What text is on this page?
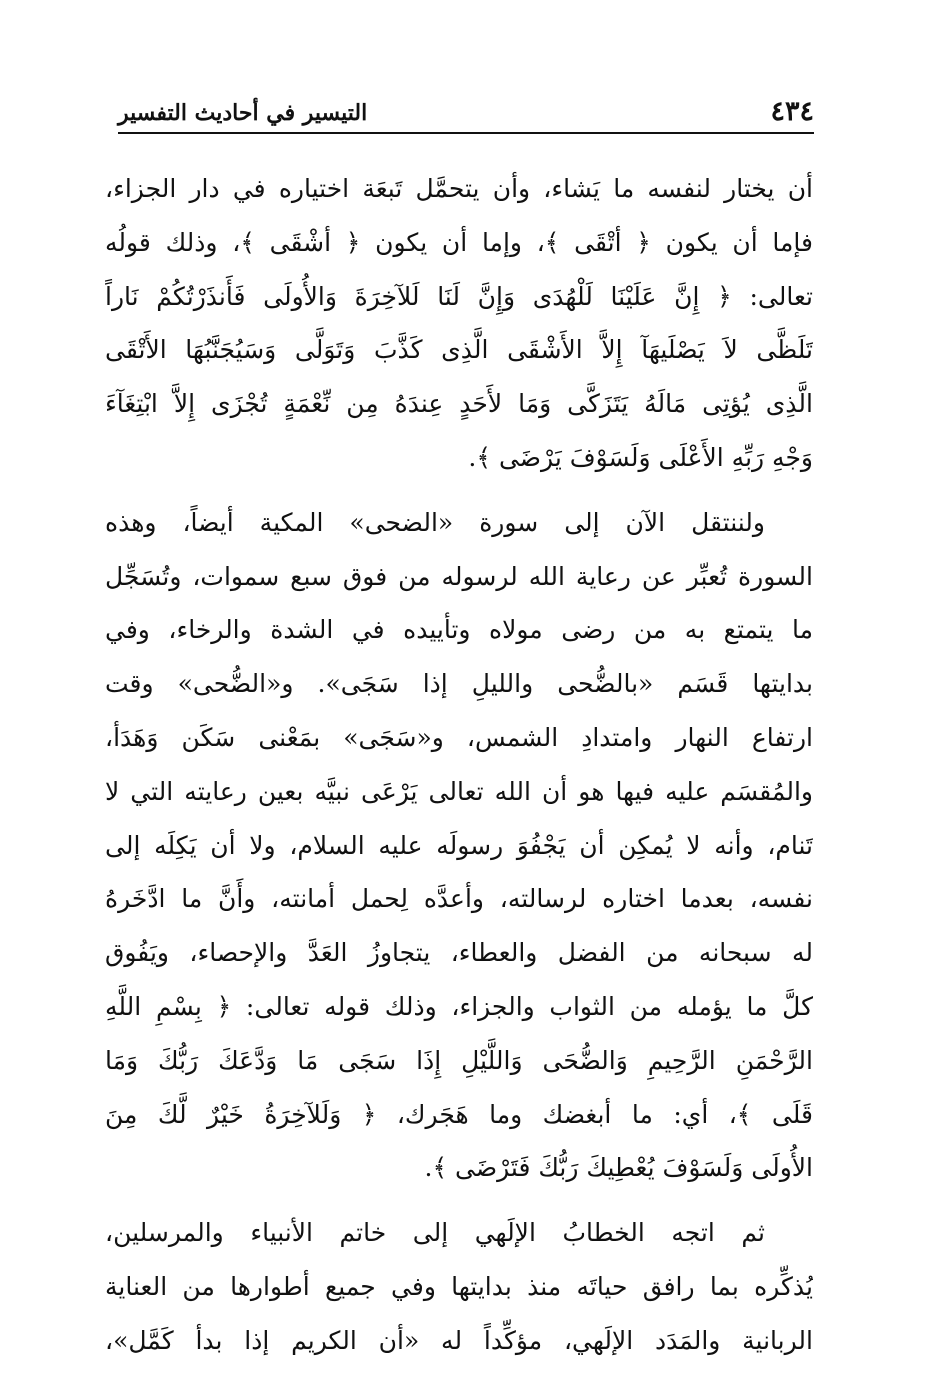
٤٣٤
التيسير في أحاديث التفسير

أن يختار لنفسه ما يَشاء، وأن يتحمَّل تَبعَة اختياره في دار الجزاء،
فإما أن يكون ﴿ أتْقَى ﴾، وإما أن يكون ﴿ أشْقَى ﴾، وذلك قولُه
تعالى: ﴿ إِنَّ عَلَيْنَا لَلْهُدَى وَإِنَّ لَنَا لَلآخِرَةَ وَالأُولَى فَأَنذَرْتُكُمْ نَاراً
تَلَظَّى لاَ يَصْلَيهَآ إِلاَّ الأَشْقَى الَّذِى كَذَّبَ وَتَوَلَّى وَسَيُجَنَّبُهَا الأَتْقَى
الَّذِى يُؤتِى مَالَهُ يَتَزَكَّى وَمَا لأَحَدٍ عِندَهُ مِن نِّعْمَةٍ تُجْزَى إِلاَّ ابْتِغَآءَ
وَجْهِ رَبِّهِ الأَعْلَى وَلَسَوْفَ يَرْضَى ﴾.

ولننتقل الآن إلى سورة «الضحى» المكية أيضاً، وهذه
السورة تُعبِّر عن رعاية الله لرسوله من فوق سبع سموات، وتُسَجِّل
ما يتمتع به من رضى مولاه وتأييده في الشدة والرخاء، وفي
بدايتها قَسَم «بالضُّحى والليلِ إذا سَجَى». و«الضُّحى» وقت
ارتفاع النهار وامتدادِ الشمس، و«سَجَى» بمَعْنى سَكَن وَهَدَأ،
والمُقسَم عليه فيها هو أن الله تعالى يَرْعَى نبيَّه بعين رعايته التي لا
تَنام، وأنه لا يُمكِن أن يَجْفُوَ رسولَه عليه السلام، ولا أن يَكِلَه إلى
نفسه، بعدما اختاره لرسالته، وأعدَّه لِحمل أمانته، وأَنَّ ما ادَّخَرهُ
له سبحانه من الفضل والعطاء، يتجاوزُ العَدَّ والإحصاء، ويَفُوق
كلَّ ما يؤمله من الثواب والجزاء، وذلك قوله تعالى: ﴿ بِسْمِ اللَّهِ
الرَّحْمَنِ الرَّحِيمِ وَالضُّحَى وَاللَّيْلِ إِذَا سَجَى مَا وَدَّعَكَ رَبُّكَ وَمَا
قَلَى ﴾، أي: ما أبغضك وما هَجَرك، ﴿ وَلَلآخِرَةُ خَيْرٌ لَّكَ مِنَ
الأُولَى وَلَسَوْفَ يُعْطِيكَ رَبُّكَ فَتَرْضَى ﴾.

ثم اتجه الخطابُ الإلَهي إلى خاتم الأنبياء والمرسلين،
يُذكِّره بما رافق حياتَه منذ بدايتها وفي جميع أطوارها من العناية
الربانية والمَدَد الإلَهي، مؤكِّداً له «أن الكريم إذا بدأ كَمَّل»،
